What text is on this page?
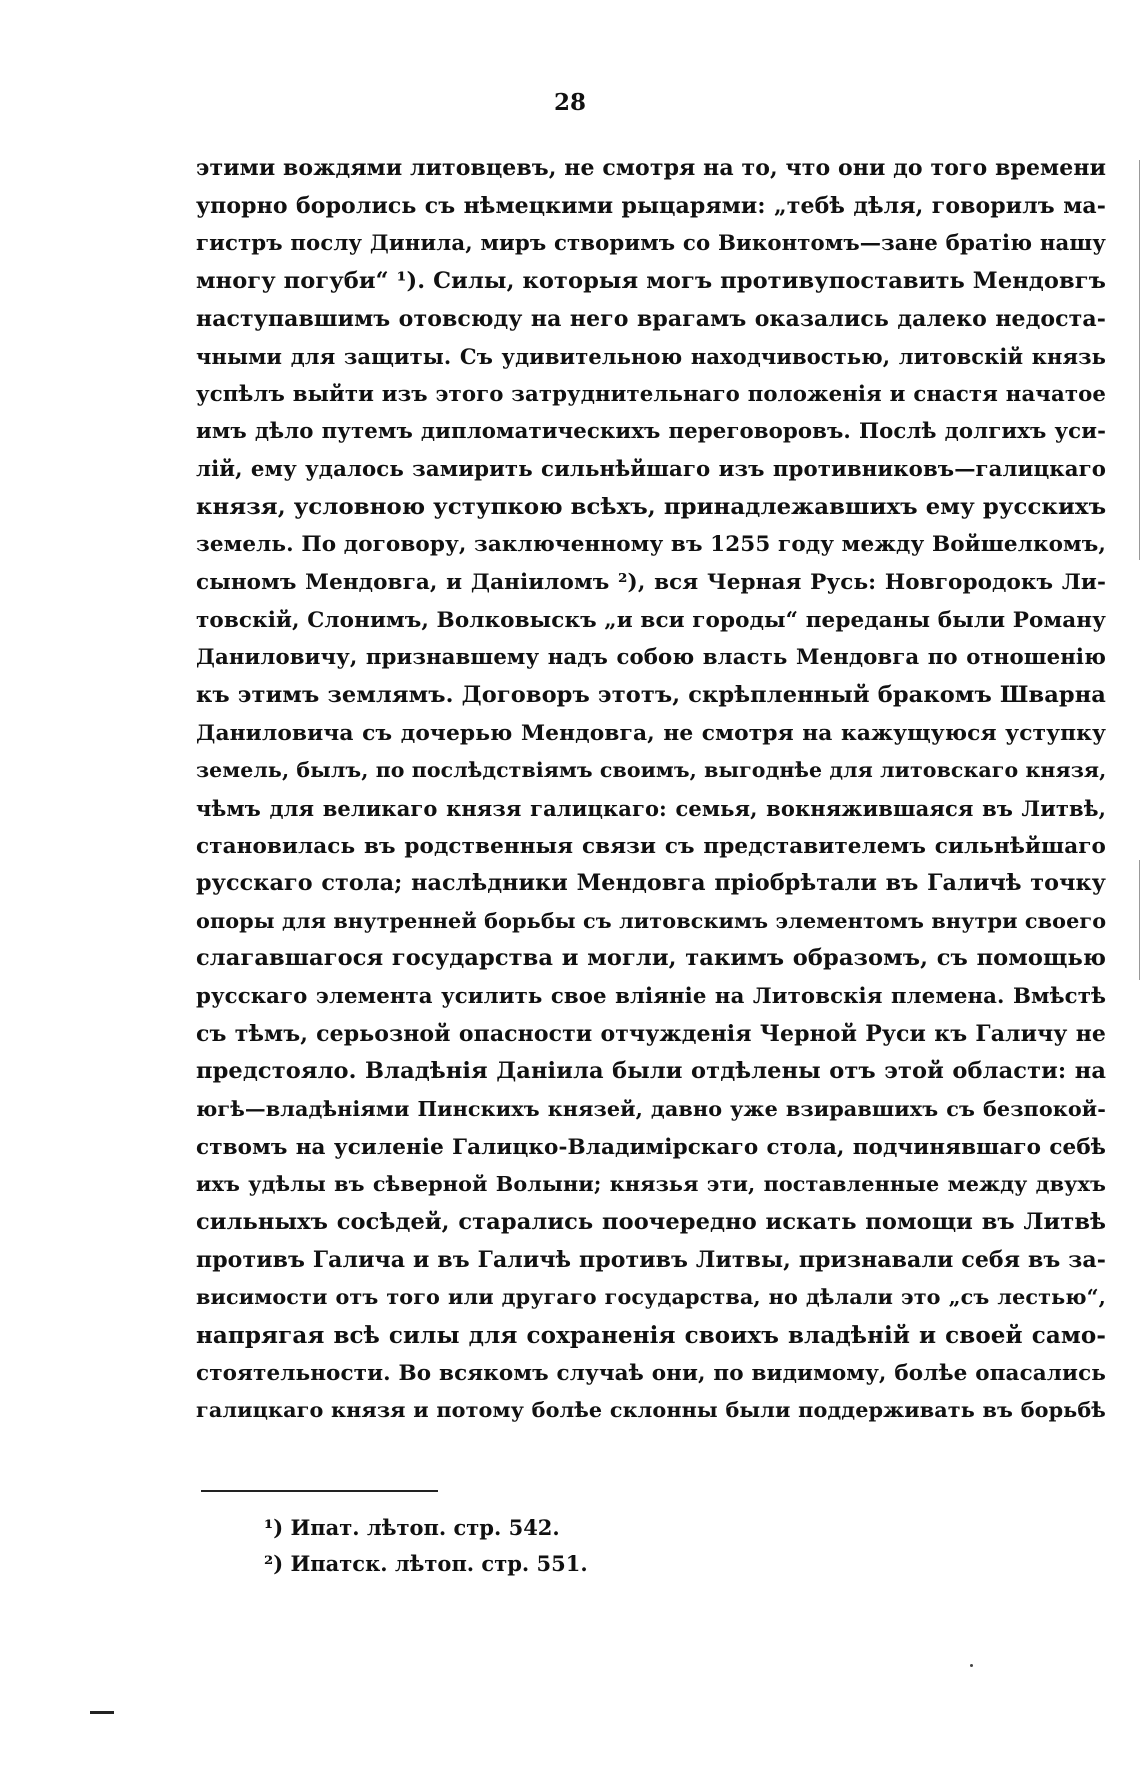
28
этими вождями литовцевъ, не смотря на то, что они до того времени
упорно боролись съ нѣмецкими рыцарями: „тебѣ дѣля, говорилъ ма-
гистръ послу Динила, миръ створимъ со Викoнтомъ—зане братію нашу
многу погуби“ ¹). Силы, которыя могъ противупоставить Мендовгъ
наступавшимъ отовсюду на него врагамъ оказались далеко недоста-
чными для защиты. Съ удивительною находчивостью, литовскій князь
успѣлъ выйти изъ этого затруднительнаго положенія и снастя начатое
имъ дѣло путемъ дипломатическихъ переговоровъ. Послѣ долгихъ уси-
лій, ему удалось замирить сильнѣйшаго изъ противниковъ—галицкаго
князя, условною уступкою всѣхъ, принадлежавшихъ ему русскихъ
земель. По договору, заключенному въ 1255 году между Войшелкомъ,
сыномъ Мендовга, и Даніиломъ ²), вся Черная Русь: Новгородокъ Ли-
товскій, Слонимъ, Волковыскъ „и вси городы“ переданы были Роману
Даниловичу, признавшему надъ собою власть Мендовга по отношенію
къ этимъ землямъ. Договоръ этотъ, скрѣпленный бракомъ Шварна
Даниловича съ дочерью Мендовга, не смотря на кажущуюся уступку
земель, былъ, по послѣдствіямъ своимъ, выгоднѣе для литовскаго князя,
чѣмъ для великаго князя галицкаго: семья, вокняжившаяся въ Литвѣ,
становилась въ родственныя связи съ представителемъ сильнѣйшаго
русскаго стола; наслѣдники Мендовга пріобрѣтали въ Галичѣ точку
опоры для внутренней борьбы съ литовскимъ элементомъ внутри своего
слагавшагося государства и могли, такимъ образомъ, съ помощью
русскаго элемента усилить свое вліяніе на Литовскія племена. Вмѣстѣ
съ тѣмъ, серьозной опасности отчужденія Черной Руси къ Галичу не
предстояло. Владѣнія Даніила были отдѣлены отъ этой области: на
югѣ—владѣніями Пинскихъ князей, давно уже взиравшихъ съ безпокой-
ствомъ на усиленіе Галицко-Владимірскаго стола, подчинявшаго себѣ
ихъ удѣлы въ сѣверной Волыни; князья эти, поставленные между двухъ
сильныхъ сосѣдей, старались поочередно искать помощи въ Литвѣ
противъ Галича и въ Галичѣ противъ Литвы, признавали себя въ за-
висимости отъ того или другаго государства, но дѣлали это „съ лестью“,
напрягая всѣ силы для сохраненія своихъ владѣній и своей само-
стоятельности. Во всякомъ случаѣ они, по видимому, болѣе опасались
галицкаго князя и потому болѣе склонны были поддерживать въ борьбѣ
¹) Ипат. лѣтоп. стр. 542.
²) Ипатск. лѣтоп. стр. 551.
